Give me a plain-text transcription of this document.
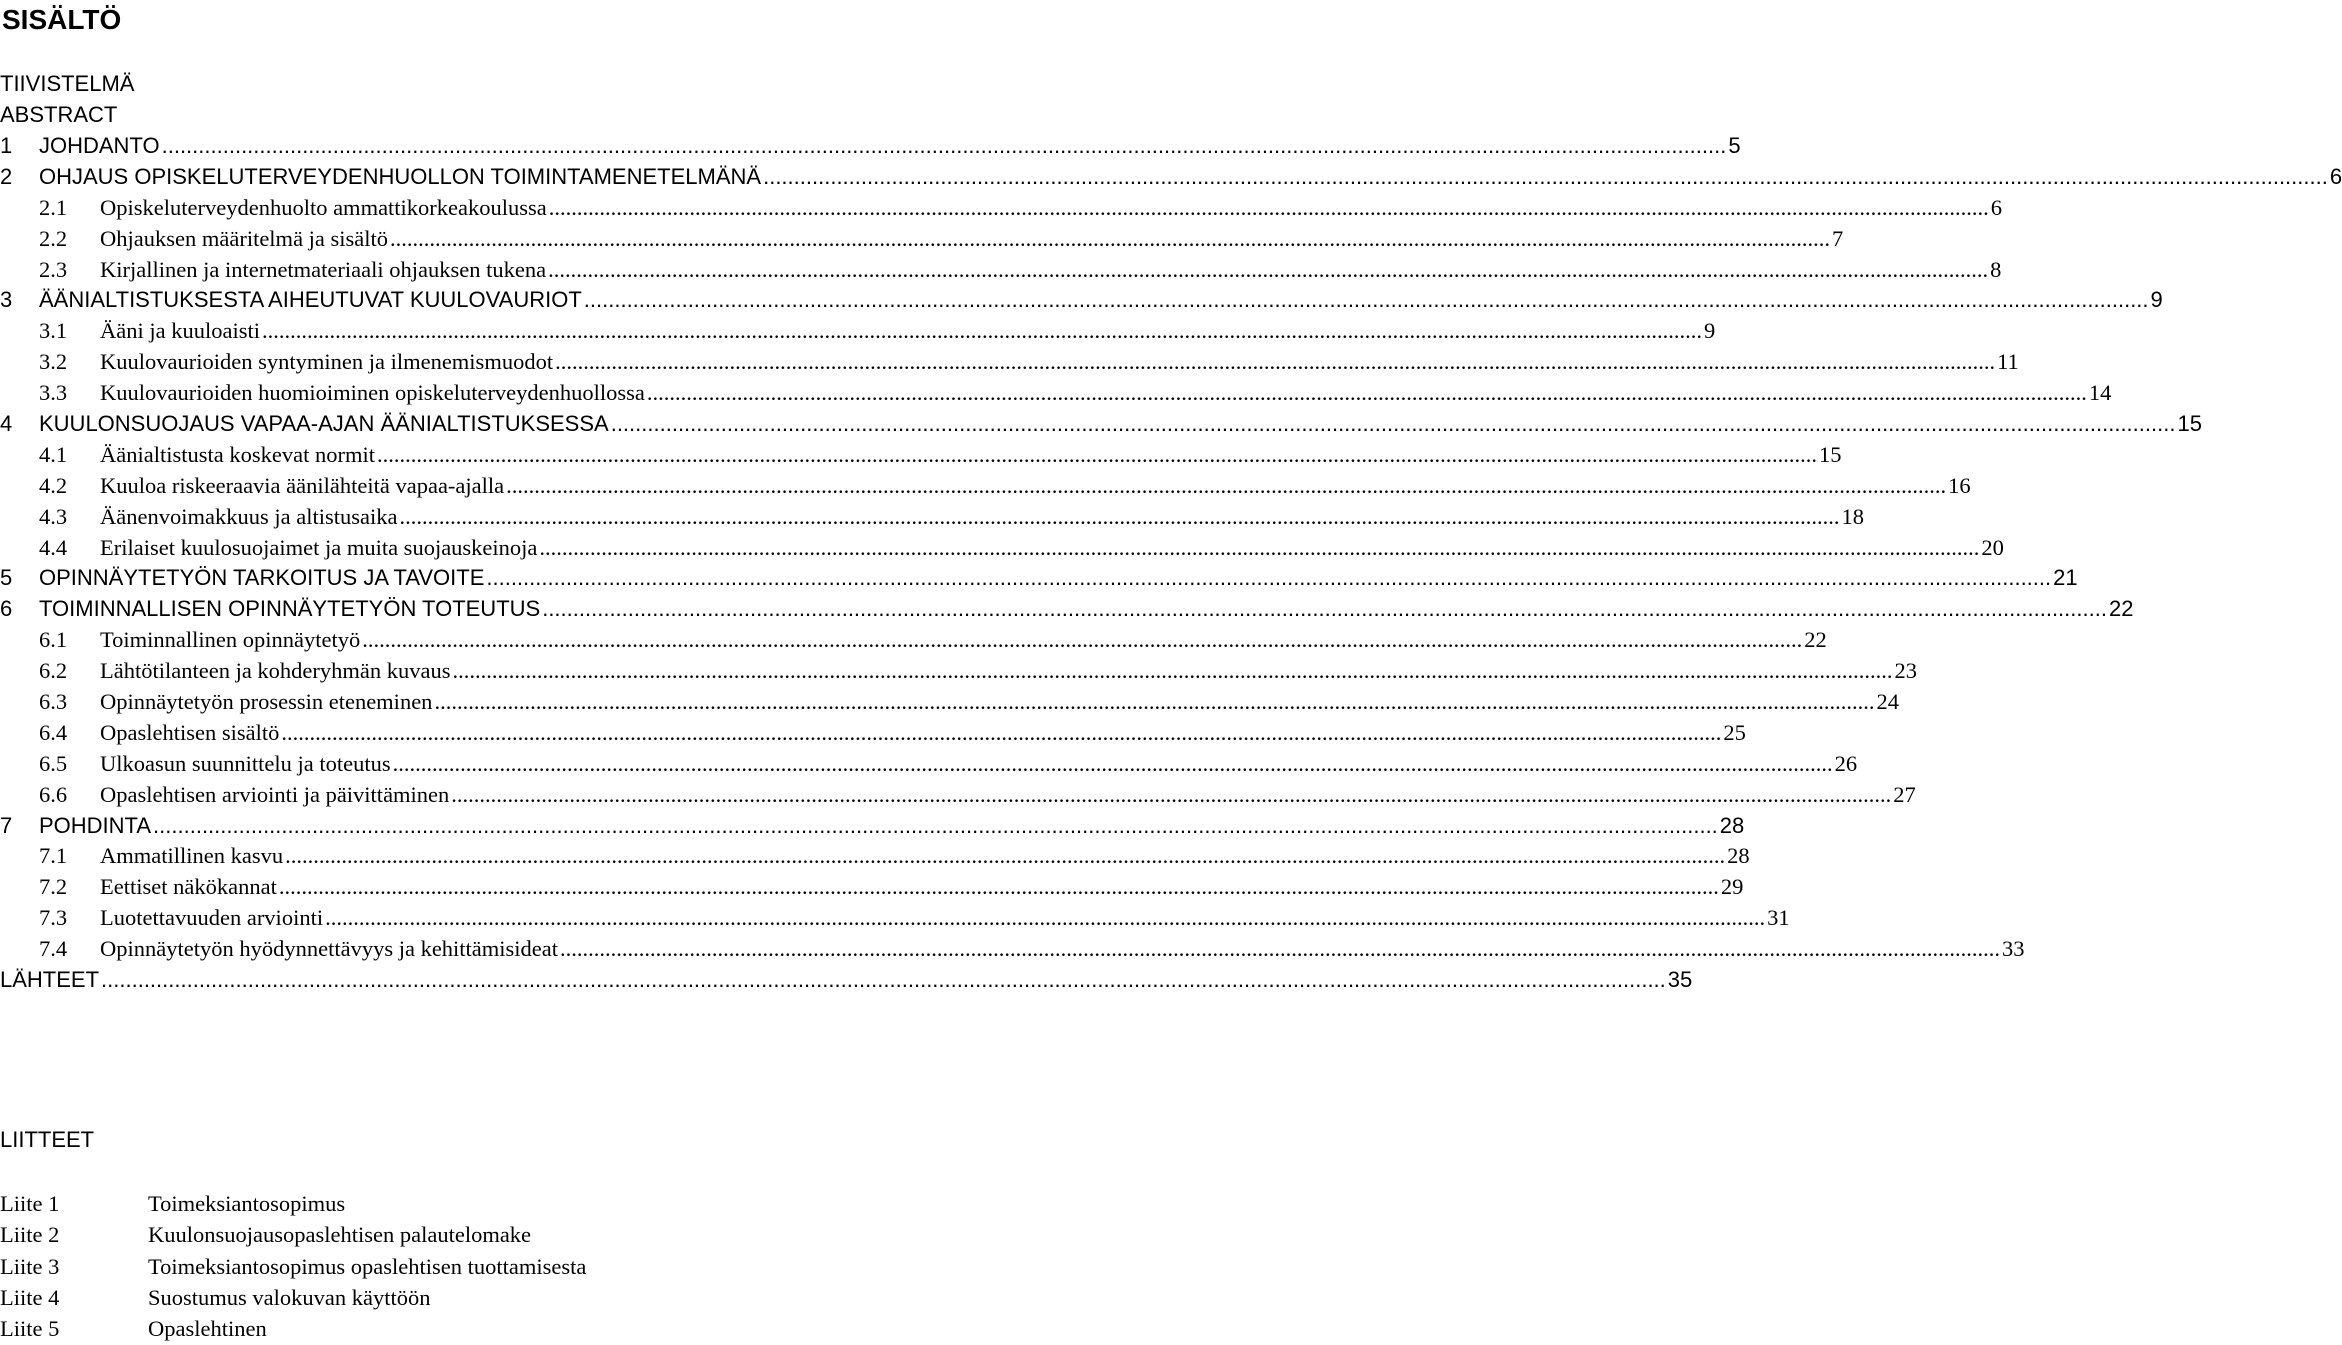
SISÄLTÖ
TIIVISTELMÄ
ABSTRACT
1	JOHDANTO .....	5
2	OHJAUS OPISKELUTERVEYDENHUOLLON TOIMINTAMENETELMÄNÄ .....	6
2.1	Opiskeluterveydenhuolto ammattikorkeakoulussa .....	6
2.2	Ohjauksen määritelmä ja sisältö .....	7
2.3	Kirjallinen ja internetmateriaali ohjauksen tukena .....	8
3	ÄÄNIALTISTUKSESTA AIHEUTUVAT KUULOVAURIOT .....	9
3.1	Ääni ja kuuloaisti .....	9
3.2	Kuulovaurioiden syntyminen ja ilmenemismuodot .....	11
3.3	Kuulovaurioiden huomioiminen opiskeluterveydenhuollossa .....	14
4	KUULONSUOJAUS VAPAA-AJAN ÄÄNIALTISTUKSESSA .....	15
4.1	Äänialtistusta koskevat normit .....	15
4.2	Kuuloa riskeeraavia äänilähteitä vapaa-ajalla .....	16
4.3	Äänenvoimakkuus ja altistusaika .....	18
4.4	Erilaiset kuulosuojaimet ja muita suojauskeinoja .....	20
5	OPINNÄYTETYÖN TARKOITUS JA TAVOITE .....	21
6	TOIMINNALLISEN OPINNÄYTETYÖN TOTEUTUS .....	22
6.1	Toiminnallinen opinnäytetyö .....	22
6.2	Lähtötilanteen ja kohderyhmän kuvaus .....	23
6.3	Opinnäytetyön prosessin eteneminen .....	24
6.4	Opaslehtisen sisältö .....	25
6.5	Ulkoasun suunnittelu ja toteutus .....	26
6.6	Opaslehtisen arviointi ja päivittäminen .....	27
7	POHDINTA .....	28
7.1	Ammatillinen kasvu .....	28
7.2	Eettiset näkökannat .....	29
7.3	Luotettavuuden arviointi .....	31
7.4	Opinnäytetyön hyödynnettävyys ja kehittämisideat .....	33
LÄHTEET .....	35
LIITTEET
Liite 1	Toimeksiantosopimus
Liite 2	Kuulonsuojausopaslehtisen palautelomake
Liite 3	Toimeksiantosopimus opaslehtisen tuottamisesta
Liite 4	Suostumus valokuvan käyttöön
Liite 5	Opaslehtinen
